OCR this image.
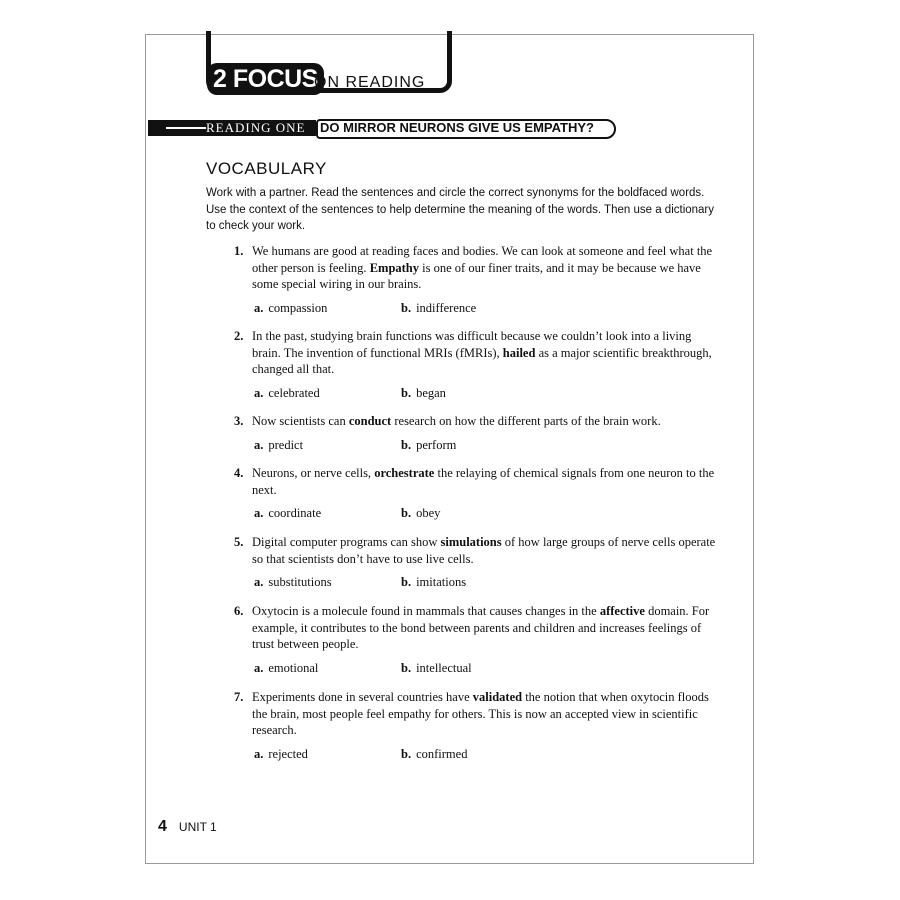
2 FOCUS
ON READING
READING ONE DO MIRROR NEURONS GIVE US EMPATHY?
VOCABULARY
Work with a partner. Read the sentences and circle the correct synonyms for the boldfaced words. Use the context of the sentences to help determine the meaning of the words. Then use a dictionary to check your work.
1. We humans are good at reading faces and bodies. We can look at someone and feel what the other person is feeling. Empathy is one of our finer traits, and it may be because we have some special wiring in our brains.
a. compassion	b. indifference
2. In the past, studying brain functions was difficult because we couldn’t look into a living brain. The invention of functional MRIs (fMRIs), hailed as a major scientific breakthrough, changed all that.
a. celebrated	b. began
3. Now scientists can conduct research on how the different parts of the brain work.
a. predict	b. perform
4. Neurons, or nerve cells, orchestrate the relaying of chemical signals from one neuron to the next.
a. coordinate	b. obey
5. Digital computer programs can show simulations of how large groups of nerve cells operate so that scientists don’t have to use live cells.
a. substitutions	b. imitations
6. Oxytocin is a molecule found in mammals that causes changes in the affective domain. For example, it contributes to the bond between parents and children and increases feelings of trust between people.
a. emotional	b. intellectual
7. Experiments done in several countries have validated the notion that when oxytocin floods the brain, most people feel empathy for others. This is now an accepted view in scientific research.
a. rejected	b. confirmed
4 UNIT 1
